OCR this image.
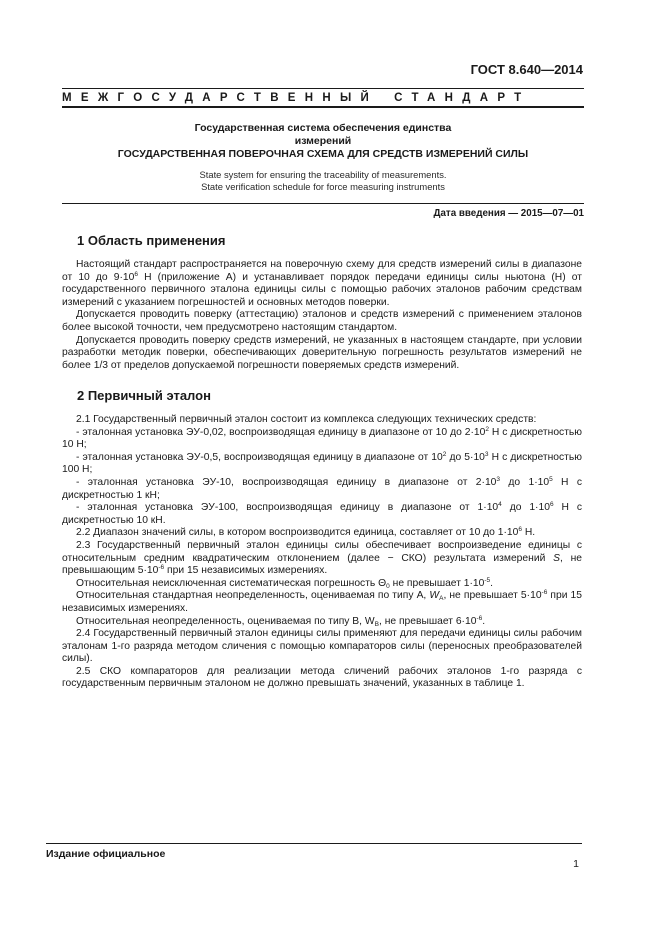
ГОСТ 8.640—2014
МЕЖГОСУДАРСТВЕННЫЙ СТАНДАРТ
Государственная система обеспечения единства
измерений
ГОСУДАРСТВЕННАЯ ПОВЕРОЧНАЯ СХЕМА ДЛЯ СРЕДСТВ ИЗМЕРЕНИЙ СИЛЫ
State system for ensuring the traceability of measurements.
State verification schedule for force measuring instruments
Дата введения — 2015—07—01
1 Область применения

Настоящий стандарт распространяется на поверочную схему для средств измерений силы в диапазоне от 10 до $9\cdot 10^6$ Н (приложение А) и устанавливает порядок передачи единицы силы ньютона (Н) от государственного первичного эталона единицы силы с помощью рабочих эталонов рабочим средствам измерений с указанием погрешностей и основных методов поверки.

Допускается проводить поверку (аттестацию) эталонов и средств измерений с применением эталонов более высокой точности, чем предусмотрено настоящим стандартом.

Допускается проводить поверку средств измерений, не указанных в настоящем стандарте, при условии разработки методик поверки, обеспечивающих доверительную погрешность результатов измерений не более 1/3 от пределов допускаемой погрешности поверяемых средств измерений.

2 Первичный эталон

2.1 Государственный первичный эталон состоит из комплекса следующих технических средств:

- эталонная установка ЭУ-0,02, воспроизводящая единицу в диапазоне от 10 до $2\cdot 10^2$ Н с дискретностью 10 Н;

- эталонная установка ЭУ-0,5, воспроизводящая единицу в диапазоне от $10^2$ до $5\cdot 10^3$ Н с дискретностью 100 Н;

- эталонная установка ЭУ-10, воспроизводящая единицу в диапазоне от $2\cdot 10^3$ до $1\cdot 10^5$ Н с дискретностью 1 кН;

- эталонная установка ЭУ-100, воспроизводящая единицу в диапазоне от $1\cdot 10^4$ до $1\cdot 10^6$ Н с дискретностью 10 кН.

2.2 Диапазон значений силы, в котором воспроизводится единица, составляет от 10 до $1\cdot 10^6$ Н.

2.3 Государственный первичный эталон единицы силы обеспечивает воспроизведение единицы с относительным средним квадратическим отклонением (далее − СКО) результата измерений S, не превышающим $5\cdot 10^{-6}$ при 15 независимых измерениях.

Относительная неисключенная систематическая погрешность $\Theta_0$ не превышает $1\cdot 10^{-5}$.

Относительная стандартная неопределенность, оцениваемая по типу А, $W_A$, не превышает $5\cdot 10^{-6}$ при 15 независимых измерениях.

Относительная неопределенность, оцениваемая по типу В, $W_B$, не превышает $6\cdot 10^{-6}$.

2.4 Государственный первичный эталон единицы силы применяют для передачи единицы силы рабочим эталонам 1-го разряда методом сличения с помощью компараторов силы (переносных преобразователей силы).

2.5 СКО компараторов для реализации метода сличений рабочих эталонов 1-го разряда с государственным первичным эталоном не должно превышать значений, указанных в таблице 1.

Издание официальное
1
